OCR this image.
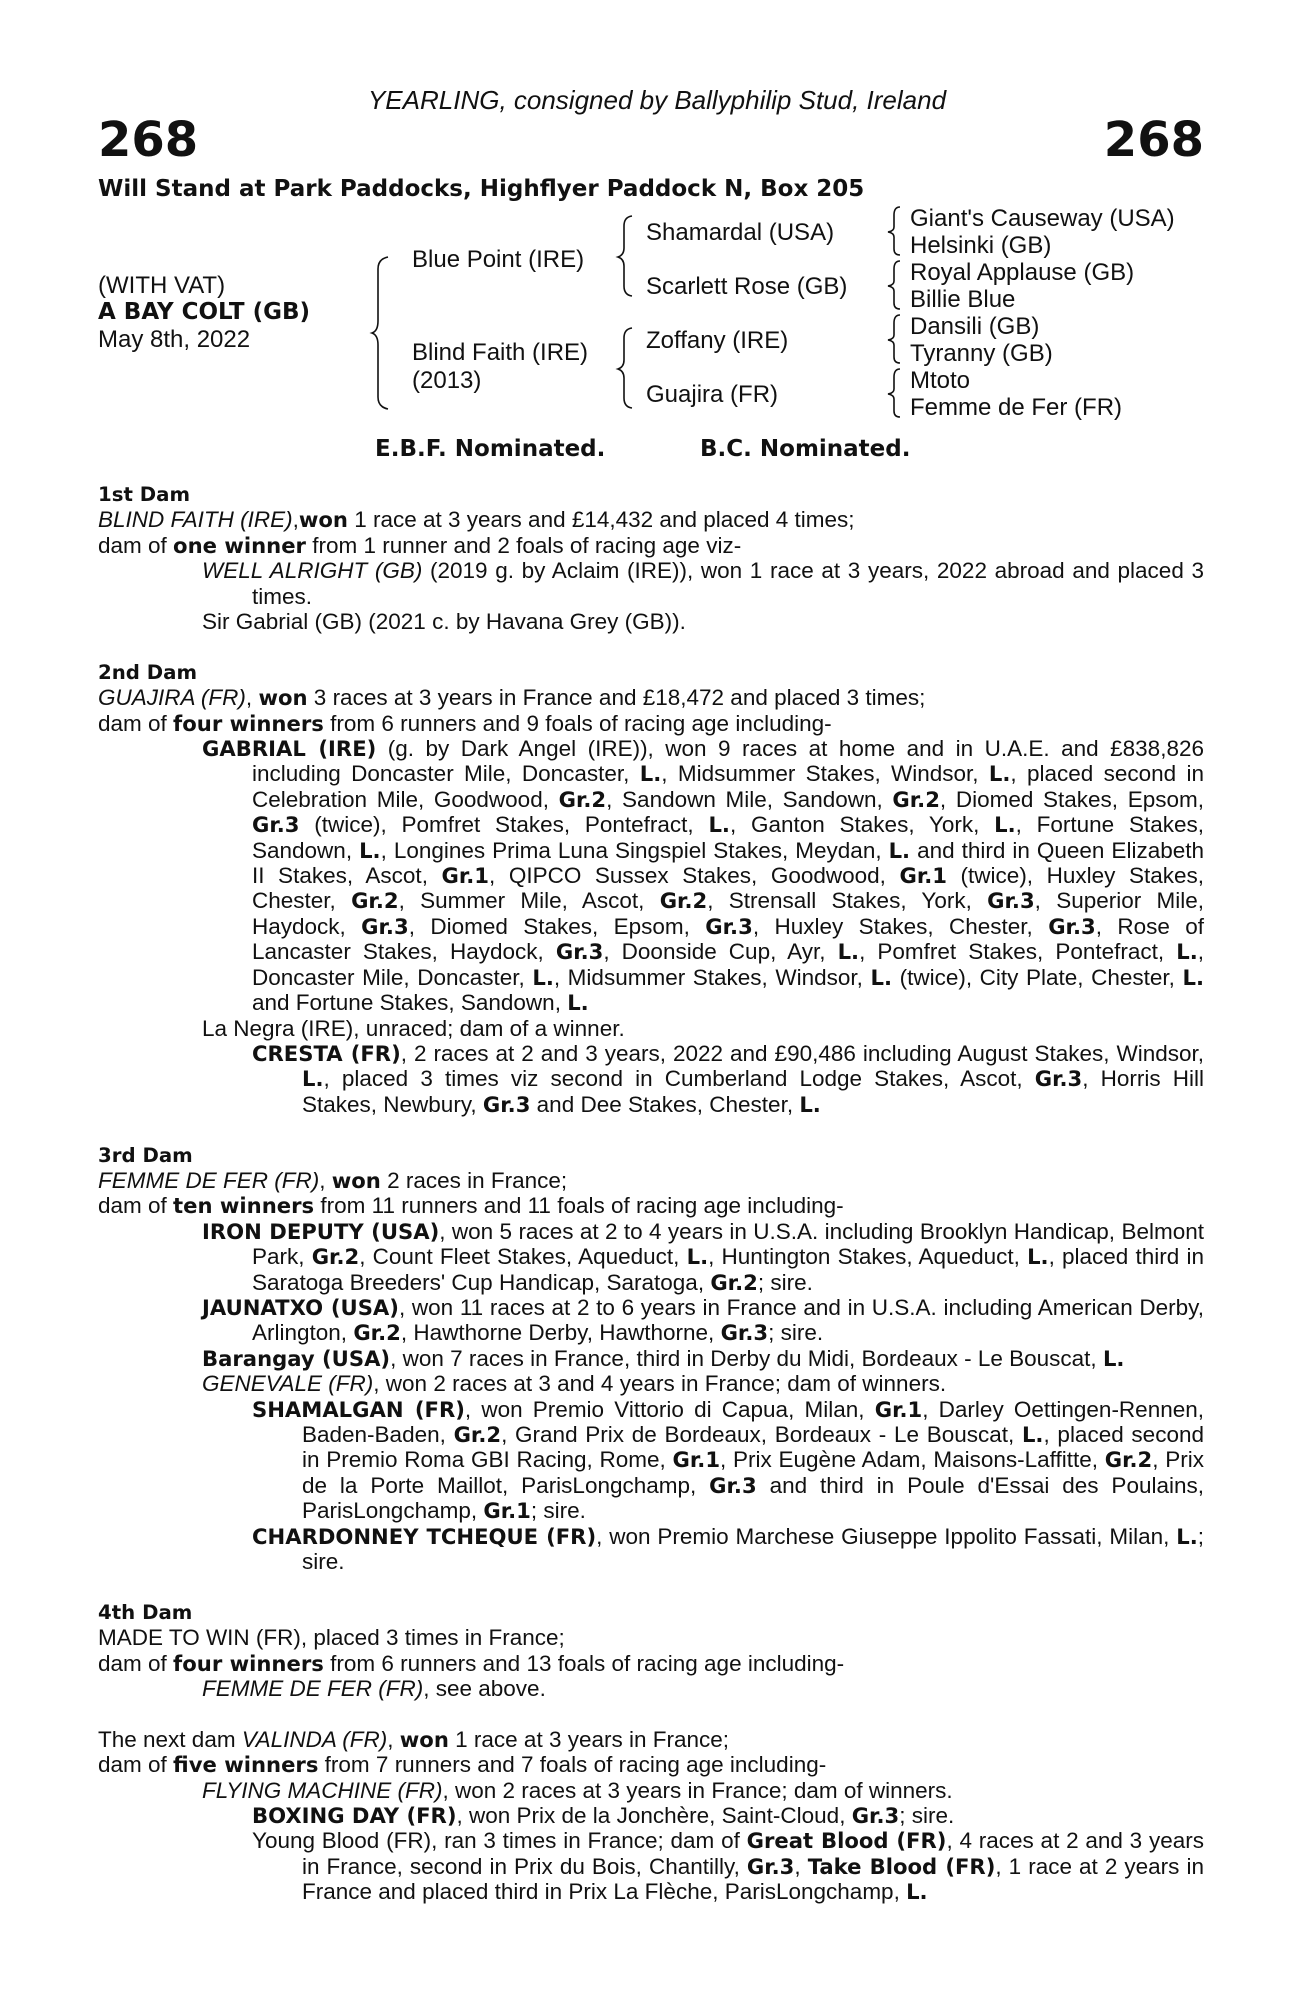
YEARLING, consigned by Ballyphilip Stud, Ireland
268	268
Will Stand at Park Paddocks, Highflyer Paddock N, Box 205
(WITH VAT)
A BAY COLT (GB)
May 8th, 2022
Blue Point (IRE)
Blind Faith (IRE)
(2013)
Shamardal (USA)
Scarlett Rose (GB)
Zoffany (IRE)
Guajira (FR)
Giant's Causeway (USA)
Helsinki (GB)
Royal Applause (GB)
Billie Blue
Dansili (GB)
Tyranny (GB)
Mtoto
Femme de Fer (FR)
E.B.F. Nominated.	B.C. Nominated.

1st Dam

BLIND FAITH (IRE),won 1 race at 3 years and £14,432 and placed 4 times;

dam of one winner from 1 runner and 2 foals of racing age viz-

WELL ALRIGHT (GB) (2019 g. by Aclaim (IRE)), won 1 race at 3 years, 2022 abroad and placed 3 times.

Sir Gabrial (GB) (2021 c. by Havana Grey (GB)).

2nd Dam

GUAJIRA (FR), won 3 races at 3 years in France and £18,472 and placed 3 times;

dam of four winners from 6 runners and 9 foals of racing age including-

GABRIAL (IRE) (g. by Dark Angel (IRE)), won 9 races at home and in U.A.E. and £838,826 including Doncaster Mile, Doncaster, L., Midsummer Stakes, Windsor, L., placed second in Celebration Mile, Goodwood, Gr.2, Sandown Mile, Sandown, Gr.2, Diomed Stakes, Epsom, Gr.3 (twice), Pomfret Stakes, Pontefract, L., Ganton Stakes, York, L., Fortune Stakes, Sandown, L., Longines Prima Luna Singspiel Stakes, Meydan, L. and third in Queen Elizabeth II Stakes, Ascot, Gr.1, QIPCO Sussex Stakes, Goodwood, Gr.1 (twice), Huxley Stakes, Chester, Gr.2, Summer Mile, Ascot, Gr.2, Strensall Stakes, York, Gr.3, Superior Mile, Haydock, Gr.3, Diomed Stakes, Epsom, Gr.3, Huxley Stakes, Chester, Gr.3, Rose of Lancaster Stakes, Haydock, Gr.3, Doonside Cup, Ayr, L., Pomfret Stakes, Pontefract, L., Doncaster Mile, Doncaster, L., Midsummer Stakes, Windsor, L. (twice), City Plate, Chester, L. and Fortune Stakes, Sandown, L.

La Negra (IRE), unraced; dam of a winner.

CRESTA (FR), 2 races at 2 and 3 years, 2022 and £90,486 including August Stakes, Windsor, L., placed 3 times viz second in Cumberland Lodge Stakes, Ascot, Gr.3, Horris Hill Stakes, Newbury, Gr.3 and Dee Stakes, Chester, L.

3rd Dam

FEMME DE FER (FR), won 2 races in France;

dam of ten winners from 11 runners and 11 foals of racing age including-

IRON DEPUTY (USA), won 5 races at 2 to 4 years in U.S.A. including Brooklyn Handicap, Belmont Park, Gr.2, Count Fleet Stakes, Aqueduct, L., Huntington Stakes, Aqueduct, L., placed third in Saratoga Breeders' Cup Handicap, Saratoga, Gr.2; sire.

JAUNATXO (USA), won 11 races at 2 to 6 years in France and in U.S.A. including American Derby, Arlington, Gr.2, Hawthorne Derby, Hawthorne, Gr.3; sire.

Barangay (USA), won 7 races in France, third in Derby du Midi, Bordeaux - Le Bouscat, L.

GENEVALE (FR), won 2 races at 3 and 4 years in France; dam of winners.

SHAMALGAN (FR), won Premio Vittorio di Capua, Milan, Gr.1, Darley Oettingen-Rennen, Baden-Baden, Gr.2, Grand Prix de Bordeaux, Bordeaux - Le Bouscat, L., placed second in Premio Roma GBI Racing, Rome, Gr.1, Prix Eugène Adam, Maisons-Laffitte, Gr.2, Prix de la Porte Maillot, ParisLongchamp, Gr.3 and third in Poule d'Essai des Poulains, ParisLongchamp, Gr.1; sire.

CHARDONNEY TCHEQUE (FR), won Premio Marchese Giuseppe Ippolito Fassati, Milan, L.; sire.

4th Dam

MADE TO WIN (FR), placed 3 times in France;

dam of four winners from 6 runners and 13 foals of racing age including-

FEMME DE FER (FR), see above.

The next dam VALINDA (FR), won 1 race at 3 years in France;

dam of five winners from 7 runners and 7 foals of racing age including-

FLYING MACHINE (FR), won 2 races at 3 years in France; dam of winners.

BOXING DAY (FR), won Prix de la Jonchère, Saint-Cloud, Gr.3; sire.

Young Blood (FR), ran 3 times in France; dam of Great Blood (FR), 4 races at 2 and 3 years in France, second in Prix du Bois, Chantilly, Gr.3, Take Blood (FR), 1 race at 2 years in France and placed third in Prix La Flèche, ParisLongchamp, L.
